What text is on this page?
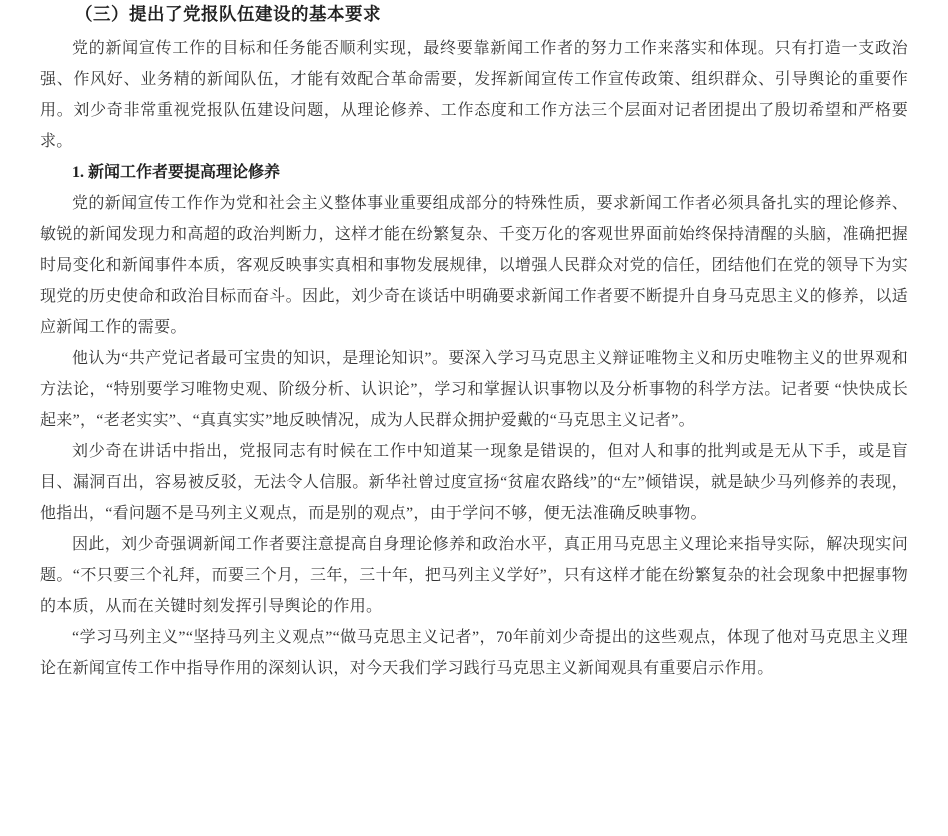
（三）提出了党报队伍建设的基本要求

党的新闻宣传工作的目标和任务能否顺利实现，最终要靠新闻工作者的努力工作来落实和体现。只有打造一支政治强、作风好、业务精的新闻队伍，才能有效配合革命需要，发挥新闻宣传工作宣传政策、组织群众、引导舆论的重要作用。刘少奇非常重视党报队伍建设问题，从理论修养、工作态度和工作方法三个层面对记者团提出了殷切希望和严格要求。

1. 新闻工作者要提高理论修养

党的新闻宣传工作作为党和社会主义整体事业重要组成部分的特殊性质，要求新闻工作者必须具备扎实的理论修养、敏锐的新闻发现力和高超的政治判断力，这样才能在纷繁复杂、千变万化的客观世界面前始终保持清醒的头脑，准确把握时局变化和新闻事件本质，客观反映事实真相和事物发展规律，以增强人民群众对党的信任，团结他们在党的领导下为实现党的历史使命和政治目标而奋斗。因此，刘少奇在谈话中明确要求新闻工作者要不断提升自身马克思主义的修养，以适应新闻工作的需要。

他认为“共产党记者最可宝贵的知识，是理论知识”。要深入学习马克思主义辩证唯物主义和历史唯物主义的世界观和方法论，“特别要学习唯物史观、阶级分析、认识论”，学习和掌握认识事物以及分析事物的科学方法。记者要 “快快成长起来”，“老老实实”、“真真实实”地反映情况，成为人民群众拥护爱戴的“马克思主义记者”。

刘少奇在讲话中指出，党报同志有时候在工作中知道某一现象是错误的，但对人和事的批判或是无从下手，或是盲目、漏洞百出，容易被反驳，无法令人信服。新华社曾过度宣扬“贫雇农路线”的“左”倾错误，就是缺少马列修养的表现，他指出，“看问题不是马列主义观点，而是别的观点”，由于学问不够，便无法准确反映事物。

因此，刘少奇强调新闻工作者要注意提高自身理论修养和政治水平，真正用马克思主义理论来指导实际，解决现实问题。“不只要三个礼拜，而要三个月，三年，三十年，把马列主义学好”，只有这样才能在纷繁复杂的社会现象中把握事物的本质，从而在关键时刻发挥引导舆论的作用。

“学习马列主义”“坚持马列主义观点”“做马克思主义记者”，70年前刘少奇提出的这些观点，体现了他对马克思主义理论在新闻宣传工作中指导作用的深刻认识，对今天我们学习践行马克思主义新闻观具有重要启示作用。
